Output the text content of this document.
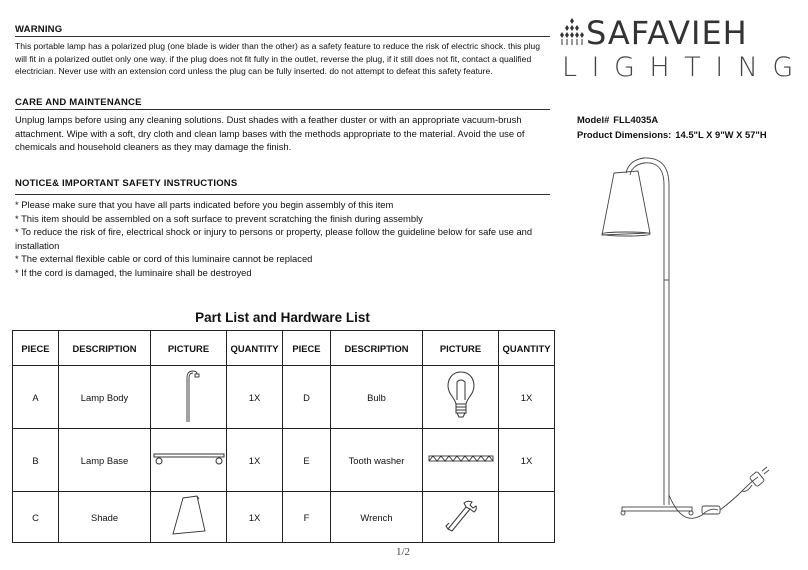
WARNING
This portable lamp has a polarized plug (one blade is wider than the other) as a safety feature to reduce the risk of electric shock. this plug will fit in a polarized outlet only one way. if the plug does not fit fully in the outlet, reverse the plug, if it still does not fit, contact a qualified electrician. Never use with an extension cord unless the plug can be fully inserted. do not attempt to defeat this safety feature.
CARE AND MAINTENANCE
Unplug lamps before using any cleaning solutions. Dust shades with a feather duster or with an appropriate vacuum-brush attachment. Wipe with a soft, dry cloth and clean lamp bases with the methods appropriate to the material. Avoid the use of chemicals and household cleaners as they may damage the finish.
NOTICE& IMPORTANT SAFETY INSTRUCTIONS
* Please make sure that you have all parts indicated before you begin assembly of this item
* This item should be assembled on a soft surface to prevent scratching the finish during assembly
* To reduce the risk of fire, electrical shock or injury to persons or property, please follow the guideline below for safe use and installation
* The external flexible cable or cord of this luminaire cannot be replaced
* If the cord is damaged, the luminaire shall be destroyed
SAFAVIEH
LIGHTING
Model# FLL4035A
Product Dimensions: 14.5"L X 9"W X 57"H
Part List and Hardware List
PIECE	DESCRIPTION	PICTURE	QUANTITY	PIECE	DESCRIPTION	PICTURE	QUANTITY
A	Lamp Body		1X	D	Bulb		1X
B	Lamp Base		1X	E	Tooth washer		1X
C	Shade		1X	F	Wrench		
1/2
